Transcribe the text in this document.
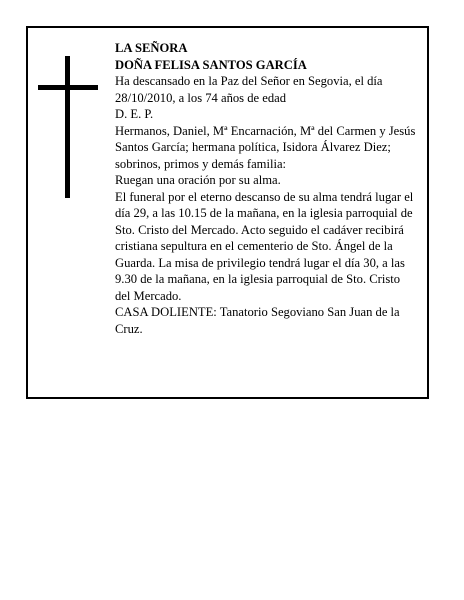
LA SEÑORA

DOÑA FELISA SANTOS GARCÍA

Ha descansado en la Paz del Señor en Segovia, el día 28/10/2010, a los 74 años de edad

D. E. P.

Hermanos, Daniel, Mª Encarnación, Mª del Carmen y Jesús Santos García; hermana política, Isidora Álvarez Diez; sobrinos, primos y demás familia:

Ruegan una oración por su alma.

El funeral por el eterno descanso de su alma tendrá lugar el día 29, a las 10.15 de la mañana, en la iglesia parroquial de Sto. Cristo del Mercado. Acto seguido el cadáver recibirá cristiana sepultura en el cementerio de Sto. Ángel de la Guarda. La misa de privilegio tendrá lugar el día 30, a las 9.30 de la mañana, en la iglesia parroquial de Sto. Cristo del Mercado.

CASA DOLIENTE: Tanatorio Segoviano San Juan de la Cruz.
